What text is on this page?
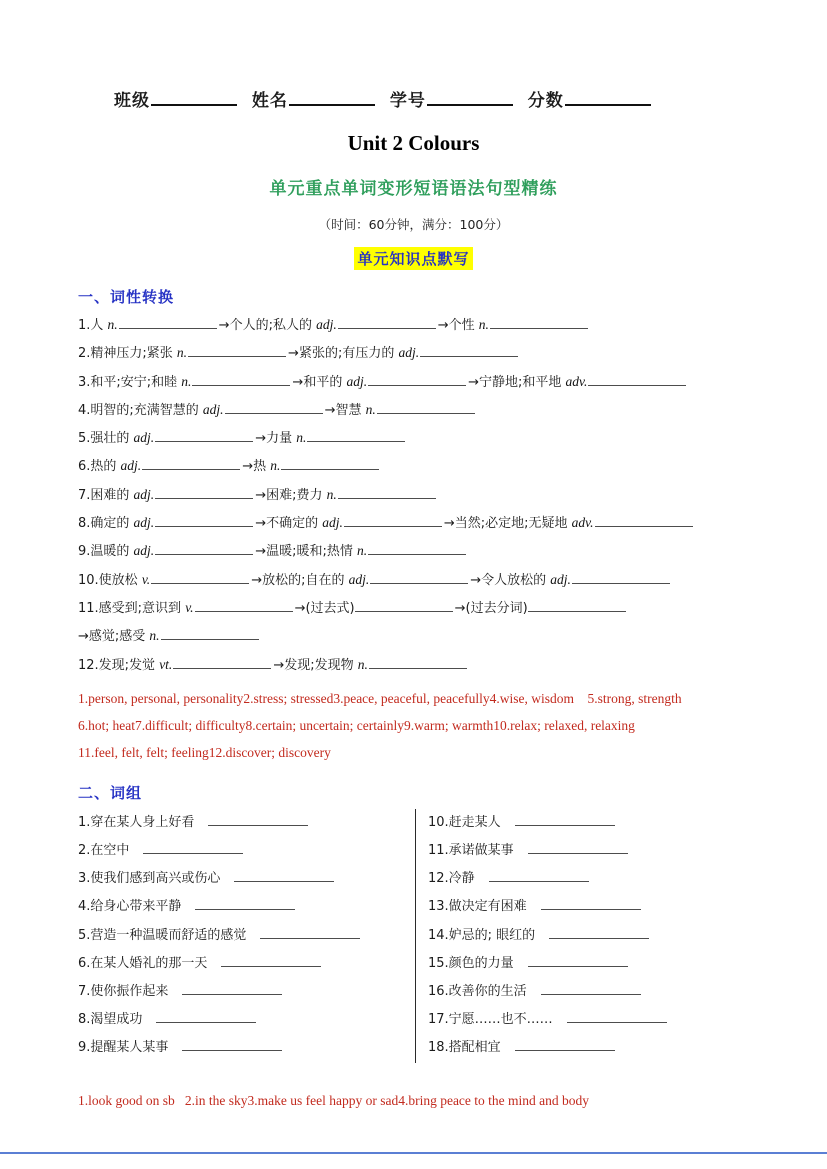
班级	姓名	学号	分数
Unit 2 Colours
单元重点单词变形短语语法句型精练
（时间：60分钟，满分：100分）
单元知识点默写
一、词性转换
1.人 n.	→个人的;私人的 adj.	→个性 n.
2.精神压力;紧张 n.	→紧张的;有压力的 adj.
3.和平;安宁;和睦 n.	→和平的 adj.	→宁静地;和平地 adv.
4.明智的;充满智慧的 adj.	→智慧 n.
5.强壮的 adj.	→力量 n.
6.热的 adj.	→热 n.
7.困难的 adj.	→困难;费力 n.
8.确定的 adj.	→不确定的 adj.	→当然;必定地;无疑地 adv.
9.温暖的 adj.	→温暖;暖和;热情 n.
10.使放松 v.	→放松的;自在的 adj.	→令人放松的 adj.
11.感受到;意识到 v.	→(过去式)	→(过去分词)
→感觉;感受 n.
12.发现;发觉 vt.	→发现;发现物 n.
1.person, personal, personality2.stress; stressed3.peace, peaceful, peacefully4.wise, wisdom    5.strong, strength
6.hot; heat7.difficult; difficulty8.certain; uncertain; certainly9.warm; warmth10.relax; relaxed, relaxing
11.feel, felt, felt; feeling12.discover; discovery
二、词组
1.穿在某人身上好看
2.在空中
3.使我们感到高兴或伤心
4.给身心带来平静
5.营造一种温暖而舒适的感觉
6.在某人婚礼的那一天
7.使你振作起来
8.渴望成功
9.提醒某人某事
10.赶走某人
11.承诺做某事
12.冷静
13.做决定有困难
14.妒忌的; 眼红的
15.颜色的力量
16.改善你的生活
17.宁愿……也不……
18.搭配相宜
1.look good on sb   2.in the sky3.make us feel happy or sad4.bring peace to the mind and body
